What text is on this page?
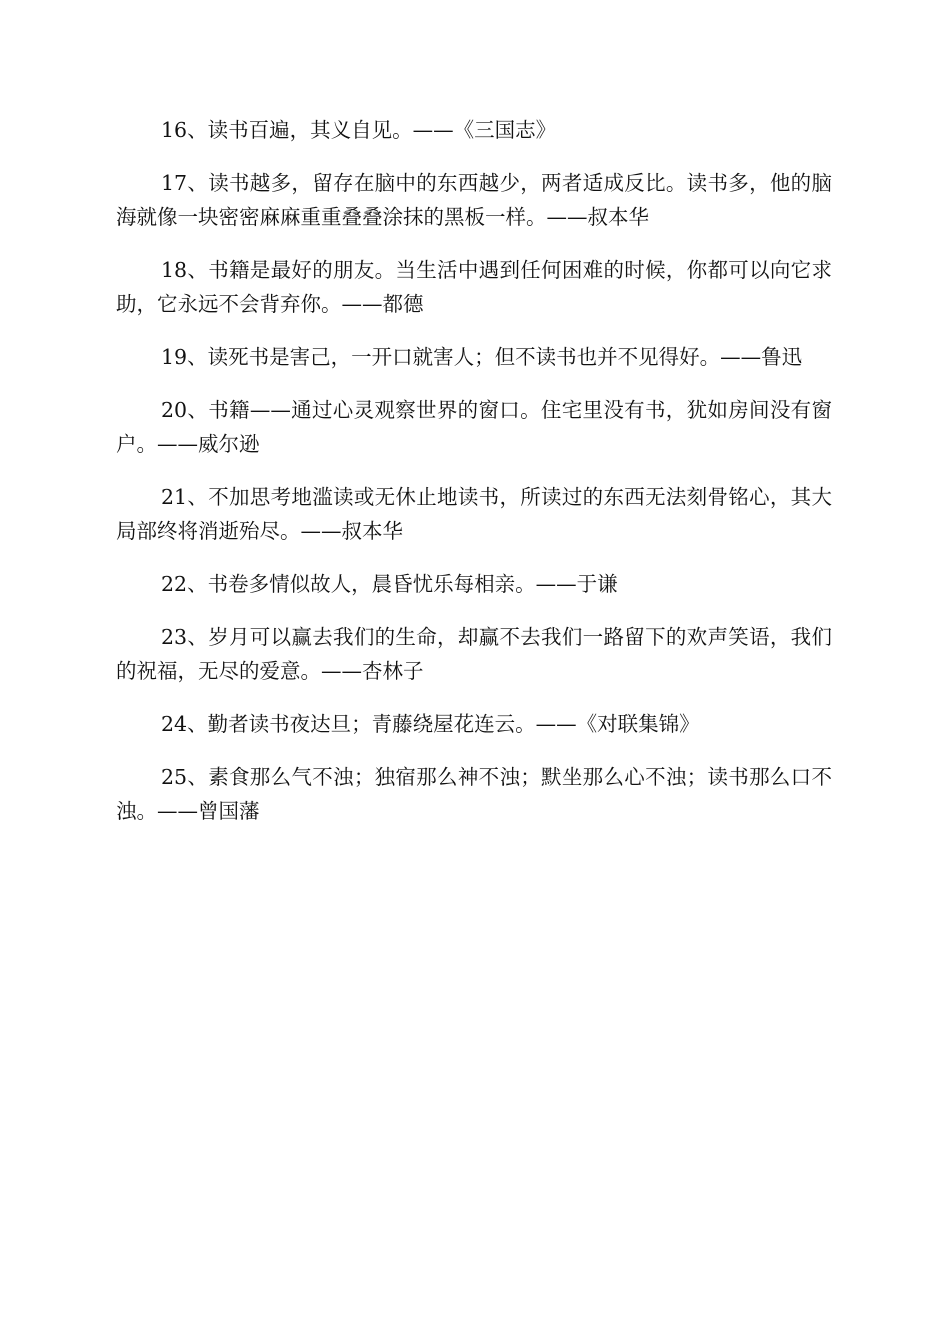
16、读书百遍，其义自见。——《三国志》

17、读书越多，留存在脑中的东西越少，两者适成反比。读书多，他的脑海就像一块密密麻麻重重叠叠涂抹的黑板一样。——叔本华

18、书籍是最好的朋友。当生活中遇到任何困难的时候，你都可以向它求助，它永远不会背弃你。——都德

19、读死书是害己，一开口就害人；但不读书也并不见得好。——鲁迅

20、书籍——通过心灵观察世界的窗口。住宅里没有书，犹如房间没有窗户。——威尔逊

21、不加思考地滥读或无休止地读书，所读过的东西无法刻骨铭心，其大局部终将消逝殆尽。——叔本华

22、书卷多情似故人，晨昏忧乐每相亲。——于谦

23、岁月可以赢去我们的生命，却赢不去我们一路留下的欢声笑语，我们的祝福，无尽的爱意。——杏林子

24、勤者读书夜达旦；青藤绕屋花连云。——《对联集锦》

25、素食那么气不浊；独宿那么神不浊；默坐那么心不浊；读书那么口不浊。——曾国藩
